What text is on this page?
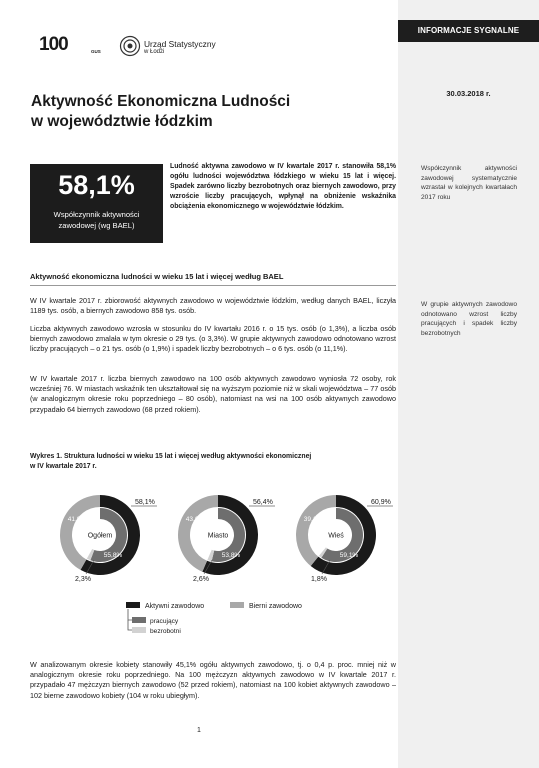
INFORMACJE SYGNALNE
30.03.2018 r.
100	GUS
Urząd Statystyczny
w Łodzi
Aktywność Ekonomiczna Ludności
w województwie łódzkim
58,1%
Współczynnik aktywności zawodowej (wg BAEL)
Ludność aktywna zawodowo w IV kwartale 2017 r. stanowiła 58,1% ogółu ludności województwa łódzkiego w wieku 15 lat i więcej. Spadek zarówno liczby bezrobotnych oraz biernych zawodowo, przy wzroście liczby pracujących, wpłynął na obniżenie wskaźnika obciążenia ekonomicznego w województwie łódzkim.
Współczynnik aktywności zawodowej systematycznie wzrastał w kolejnych kwartałach 2017 roku
W grupie aktywnych zawodowo odnotowano wzrost liczby pracujących i spadek liczby bezrobotnych
Aktywność ekonomiczna ludności w wieku 15 lat i więcej według BAEL

W IV kwartale 2017 r. zbiorowość aktywnych zawodowo w województwie łódzkim, według danych BAEL, liczyła 1189 tys. osób, a biernych zawodowo 858 tys. osób.

Liczba aktywnych zawodowo wzrosła w stosunku do IV kwartału 2016 r. o 15 tys. osób (o 1,3%), a liczba osób biernych zawodowo zmalała w tym okresie o 29 tys. (o 3,3%). W grupie aktywnych zawodowo odnotowano wzrost liczby pracujących – o 21 tys. osób (o 1,9%) i spadek liczby bezrobotnych – o 6 tys. osób (o 11,1%).

W IV kwartale 2017 r. liczba biernych zawodowo na 100 osób aktywnych zawodowo wyniosła 72 osoby, rok wcześniej 76. W miastach wskaźnik ten ukształtował się na wyższym poziomie niż w skali województwa – 77 osób (w analogicznym okresie roku poprzedniego – 80 osób), natomiast na wsi na 100 osób aktywnych zawodowo przypadało 64 biernych zawodowo (68 przed rokiem).

Wykres 1. Struktura ludności w wieku 15 lat i więcej według aktywności ekonomicznej
w IV kwartale 2017 r.
Ogółem
58,1%
41,9%
55,8%
2,3%
Miasto
56,4%
43,6%
53,8%
2,6%
Wieś
60,9%
39,1%
59,1%
1,8%
Aktywni zawodowo	Bierni zawodowo
pracujący
bezrobotni

W analizowanym okresie kobiety stanowiły 45,1% ogółu aktywnych zawodowo, tj. o 0,4 p. proc. mniej niż w analogicznym okresie roku poprzedniego. Na 100 mężczyzn aktywnych zawodowo w IV kwartale 2017 r. przypadało 47 mężczyzn biernych zawodowo (52 przed rokiem), natomiast na 100 kobiet aktywnych zawodowo – 102 bierne zawodowo kobiety (104 w roku ubiegłym).

1
